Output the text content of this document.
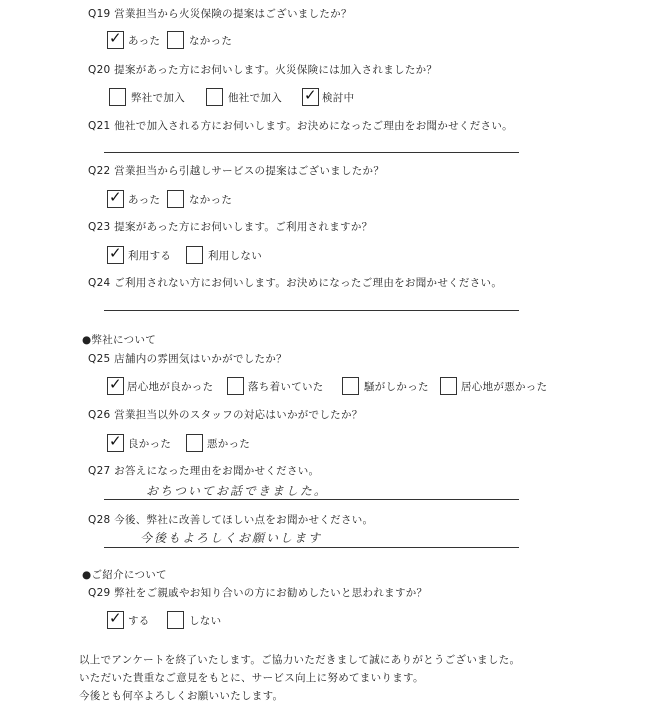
Q19 営業担当から火災保険の提案はございましたか？
✓ あった	なかった
Q20 提案があった方にお伺いします。火災保険には加入されましたか？
弊社で加入	他社で加入 ✓ 検討中
Q21 他社で加入される方にお伺いします。お決めになったご理由をお聞かせください。
Q22 営業担当から引越しサービスの提案はございましたか？
✓ あった	なかった
Q23 提案があった方にお伺いします。ご利用されますか？
✓ 利用する	利用しない
Q24 ご利用されない方にお伺いします。お決めになったご理由をお聞かせください。
●弊社について
Q25 店舗内の雰囲気はいかがでしたか？
✓ 居心地が良かった	落ち着いていた	騒がしかった	居心地が悪かった
Q26 営業担当以外のスタッフの対応はいかがでしたか？
✓ 良かった	悪かった
Q27 お答えになった理由をお聞かせください。
おちついてお話できました。
Q28 今後、弊社に改善してほしい点をお聞かせください。
今後もよろしくお願いします
●ご紹介について
Q29 弊社をご親戚やお知り合いの方にお勧めしたいと思われますか？
✓ する	しない
以上でアンケートを終了いたします。ご協力いただきまして誠にありがとうございました。
いただいた貴重なご意見をもとに、サービス向上に努めてまいります。
今後とも何卒よろしくお願いいたします。
